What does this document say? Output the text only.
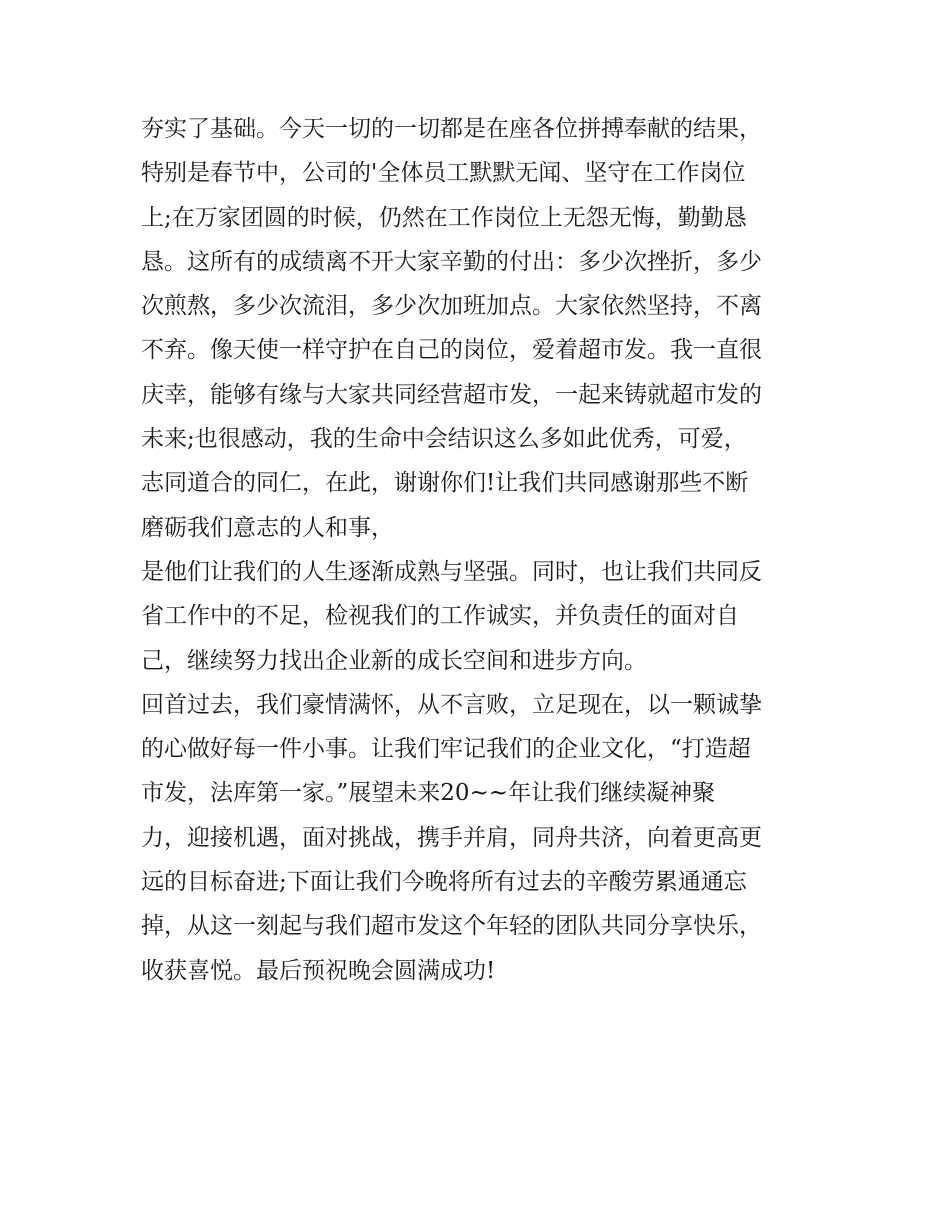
夯实了基础。今天一切的一切都是在座各位拼搏奉献的结果，
特别是春节中，公司的'全体员工默默无闻、坚守在工作岗位
上;在万家团圆的时候，仍然在工作岗位上无怨无悔，勤勤恳
恳。这所有的成绩离不开大家辛勤的付出：多少次挫折，多少
次煎熬，多少次流泪，多少次加班加点。大家依然坚持，不离
不弃。像天使一样守护在自己的岗位，爱着超市发。我一直很
庆幸，能够有缘与大家共同经营超市发，一起来铸就超市发的
未来;也很感动，我的生命中会结识这么多如此优秀，可爱，
志同道合的同仁，在此，谢谢你们!让我们共同感谢那些不断
磨砺我们意志的人和事，
是他们让我们的人生逐渐成熟与坚强。同时，也让我们共同反
省工作中的不足，检视我们的工作诚实，并负责任的面对自
己，继续努力找出企业新的成长空间和进步方向。
回首过去，我们豪情满怀，从不言败，立足现在，以一颗诚挚
的心做好每一件小事。让我们牢记我们的企业文化，“打造超
市发，法库第一家。”展望未来20~~年让我们继续凝神聚
力，迎接机遇，面对挑战，携手并肩，同舟共济，向着更高更
远的目标奋进;下面让我们今晚将所有过去的辛酸劳累通通忘
掉，从这一刻起与我们超市发这个年轻的团队共同分享快乐，
收获喜悦。最后预祝晚会圆满成功!
